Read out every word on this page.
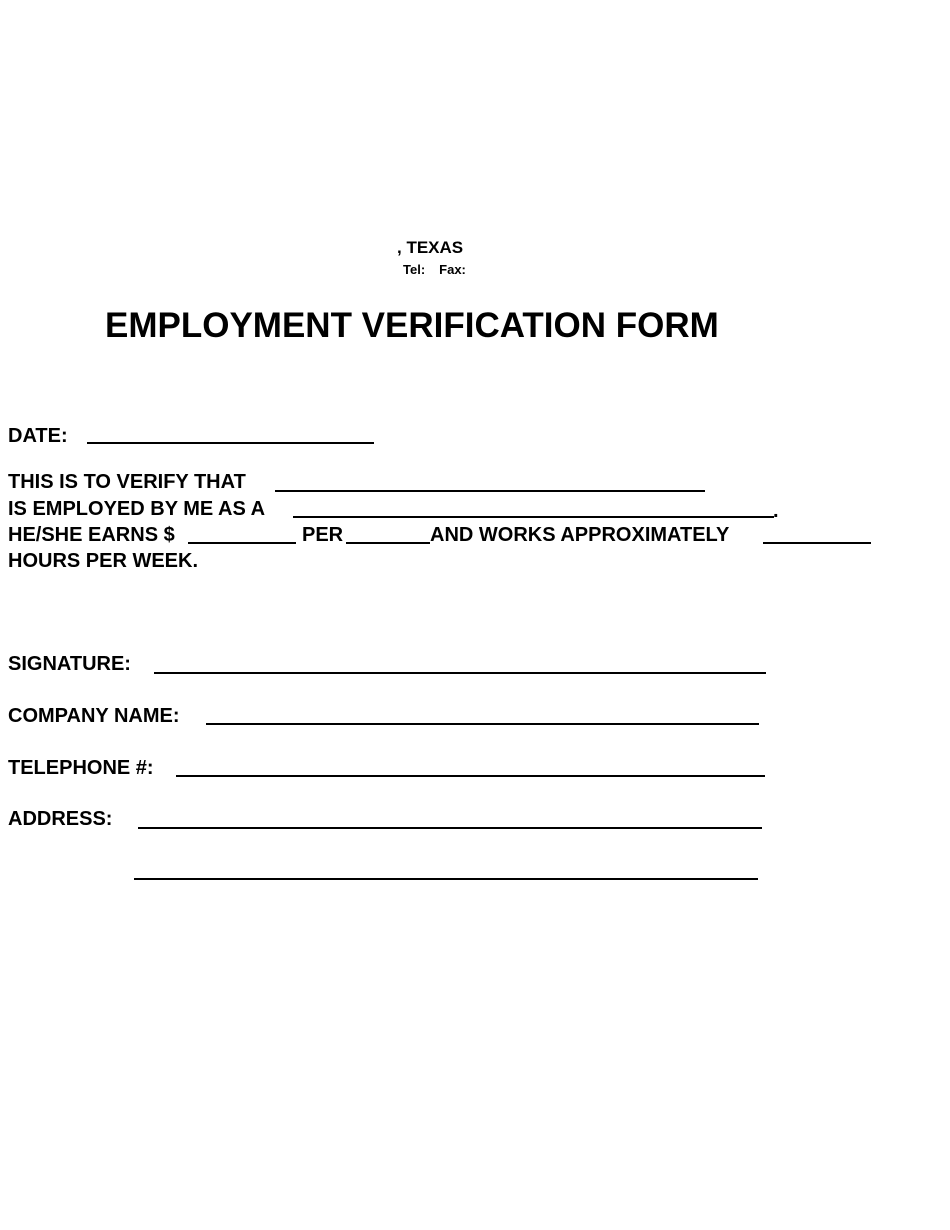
, TEXAS
Tel: Fax:
EMPLOYMENT VERIFICATION FORM
DATE:
THIS IS TO VERIFY THAT
IS EMPLOYED BY ME AS A	.
HE/SHE EARNS $	PER	AND WORKS APPROXIMATELY
HOURS PER WEEK.
SIGNATURE:
COMPANY NAME:
TELEPHONE #:
ADDRESS:
